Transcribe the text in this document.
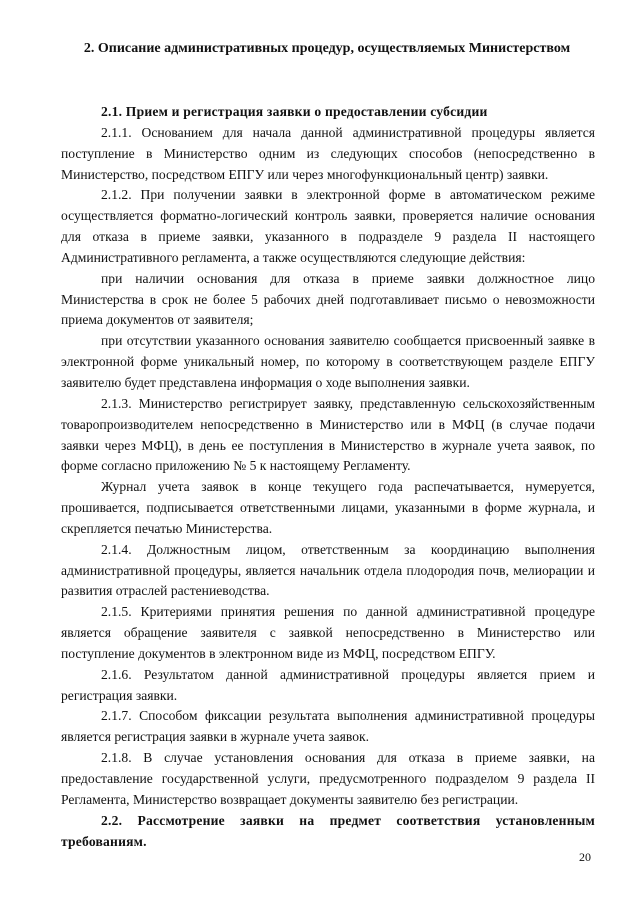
2. Описание административных процедур, осуществляемых Министерством

2.1. Прием и регистрация заявки о предоставлении субсидии

2.1.1. Основанием для начала данной административной процедуры является поступление в Министерство одним из следующих способов (непосредственно в Министерство, посредством ЕПГУ или через многофункциональный центр) заявки.

2.1.2. При получении заявки в электронной форме в автоматическом режиме осуществляется форматно-логический контроль заявки, проверяется наличие основания для отказа в приеме заявки, указанного в подразделе 9 раздела II настоящего Административного регламента, а также осуществляются следующие действия:

при наличии основания для отказа в приеме заявки должностное лицо Министерства в срок не более 5 рабочих дней подготавливает письмо о невозможности приема документов от заявителя;

при отсутствии указанного основания заявителю сообщается присвоенный заявке в электронной форме уникальный номер, по которому в соответствующем разделе ЕПГУ заявителю будет представлена информация о ходе выполнения заявки.

2.1.3. Министерство регистрирует заявку, представленную сельскохозяйственным товаропроизводителем непосредственно в Министерство или в МФЦ (в случае подачи заявки через МФЦ), в день ее поступления в Министерство в журнале учета заявок, по форме согласно приложению № 5 к настоящему Регламенту.

Журнал учета заявок в конце текущего года распечатывается, нумеруется, прошивается, подписывается ответственными лицами, указанными в форме журнала, и скрепляется печатью Министерства.

2.1.4. Должностным лицом, ответственным за координацию выполнения административной процедуры, является начальник отдела плодородия почв, мелиорации и развития отраслей растениеводства.

2.1.5. Критериями принятия решения по данной административной процедуре является обращение заявителя с заявкой непосредственно в Министерство или поступление документов в электронном виде из МФЦ, посредством ЕПГУ.

2.1.6. Результатом данной административной процедуры является прием и регистрация заявки.

2.1.7. Способом фиксации результата выполнения административной процедуры является регистрация заявки в журнале учета заявок.

2.1.8. В случае установления основания для отказа в приеме заявки, на предоставление государственной услуги, предусмотренного подразделом 9 раздела II Регламента, Министерство возвращает документы заявителю без регистрации.

2.2. Рассмотрение заявки на предмет соответствия установленным требованиям.

20
